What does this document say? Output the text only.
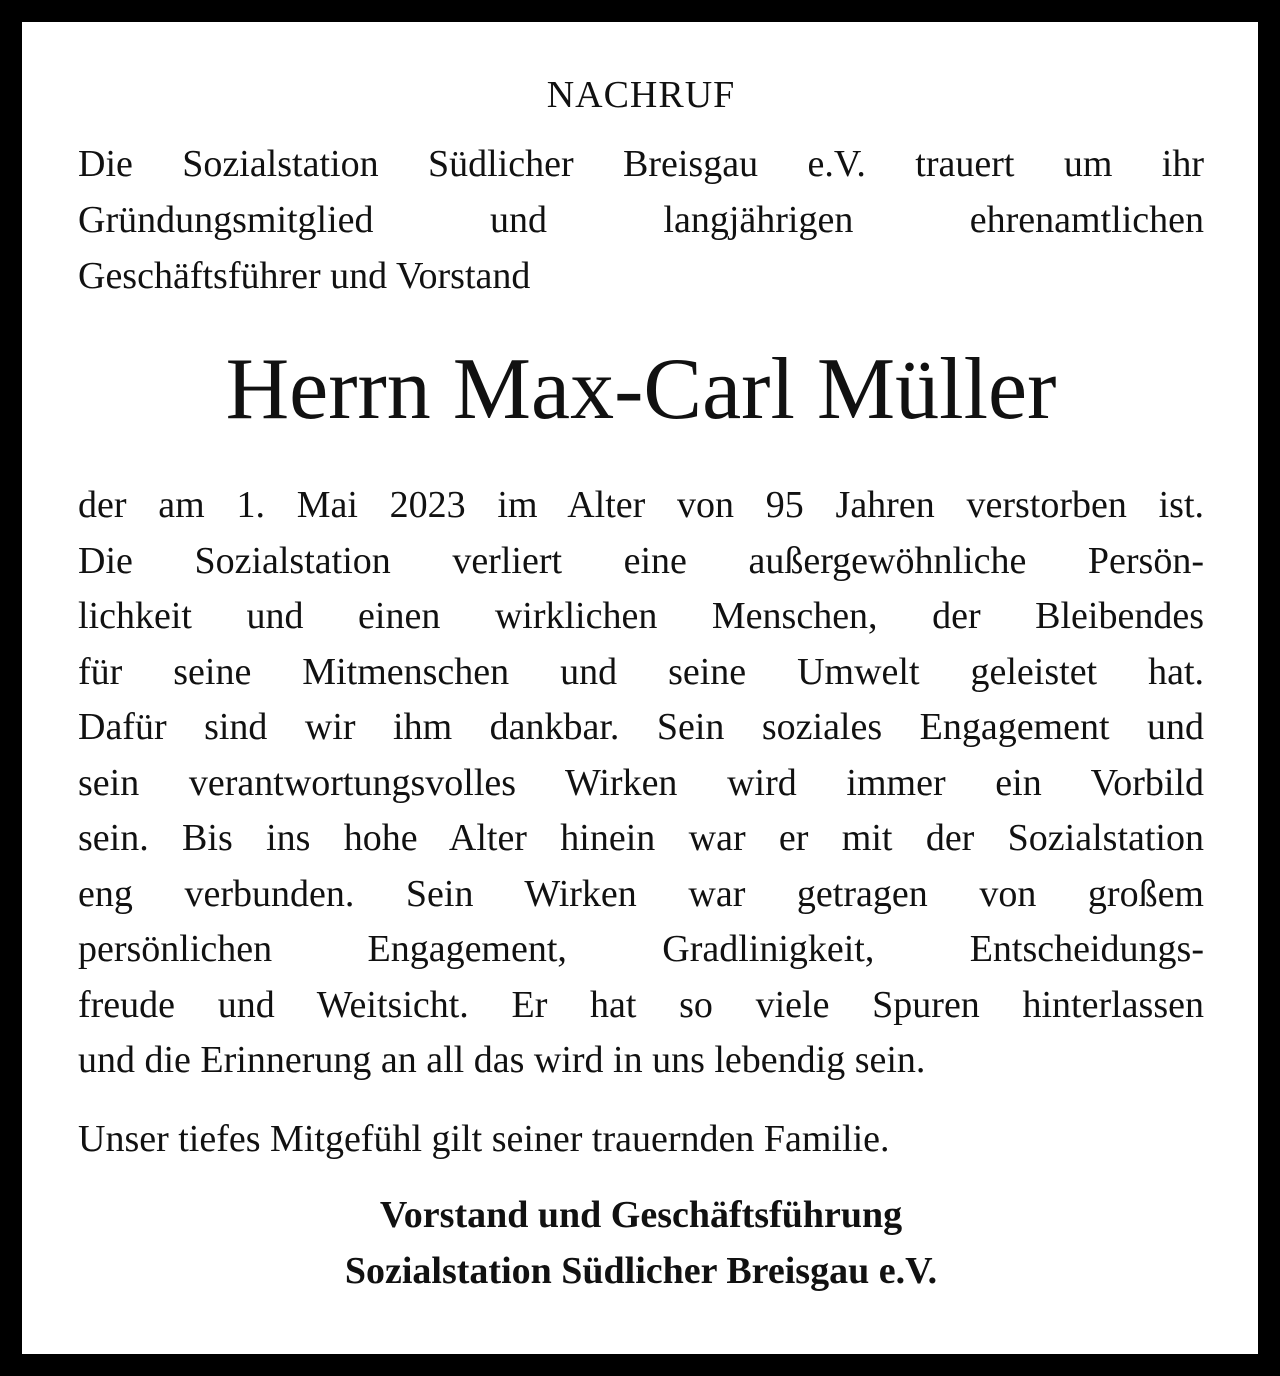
NACHRUF

Die Sozialstation Südlicher Breisgau e.V. trauert um ihr
Gründungsmitglied und langjährigen ehrenamtlichen
Geschäftsführer und Vorstand

Herrn Max-Carl Müller

der am 1. Mai 2023 im Alter von 95 Jahren verstorben ist.
Die Sozialstation verliert eine außergewöhnliche Persön-
lichkeit und einen wirklichen Menschen, der Bleibendes
für seine Mitmenschen und seine Umwelt geleistet hat.
Dafür sind wir ihm dankbar. Sein soziales Engagement und
sein verantwortungsvolles Wirken wird immer ein Vorbild
sein. Bis ins hohe Alter hinein war er mit der Sozialstation
eng verbunden. Sein Wirken war getragen von großem
persönlichen Engagement, Gradlinigkeit, Entscheidungs-
freude und Weitsicht. Er hat so viele Spuren hinterlassen
und die Erinnerung an all das wird in uns lebendig sein.

Unser tiefes Mitgefühl gilt seiner trauernden Familie.

Vorstand und Geschäftsführung
Sozialstation Südlicher Breisgau e.V.
